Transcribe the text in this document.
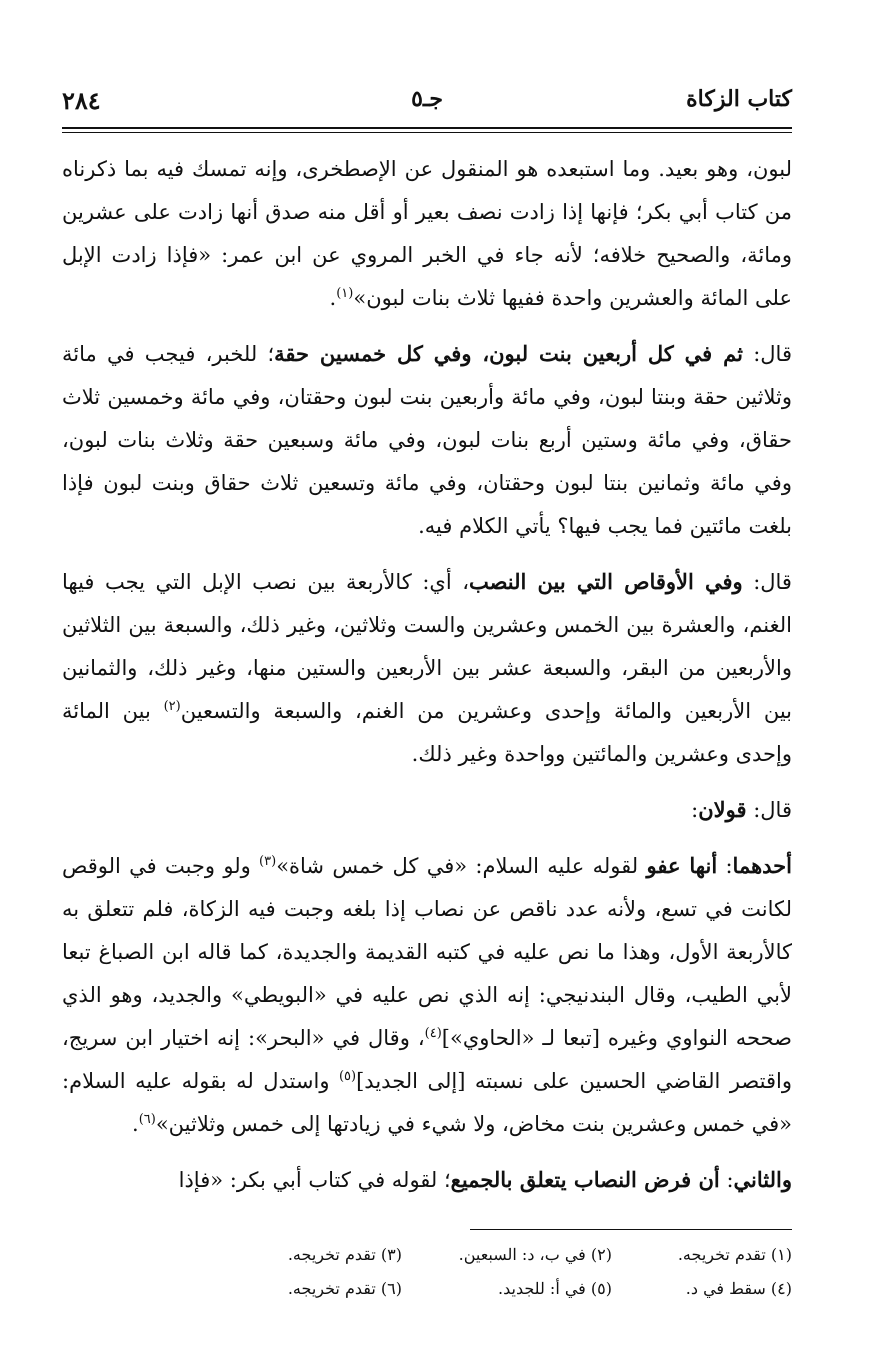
كتاب الزكاة
جـ٥
٢٨٤

لبون، وهو بعيد. وما استبعده هو المنقول عن الإصطخرى، وإنه تمسك فيه بما ذكرناه من كتاب أبي بكر؛ فإنها إذا زادت نصف بعير أو أقل منه صدق أنها زادت على عشرين ومائة، والصحيح خلافه؛ لأنه جاء في الخبر المروي عن ابن عمر: «فإذا زادت الإبل على المائة والعشرين واحدة ففيها ثلاث بنات لبون»$^{(١)}$.

قال: ثم في كل أربعين بنت لبون، وفي كل خمسين حقة؛ للخبر، فيجب في مائة وثلاثين حقة وبنتا لبون، وفي مائة وأربعين بنت لبون وحقتان، وفي مائة وخمسين ثلاث حقاق، وفي مائة وستين أربع بنات لبون، وفي مائة وسبعين حقة وثلاث بنات لبون، وفي مائة وثمانين بنتا لبون وحقتان، وفي مائة وتسعين ثلاث حقاق وبنت لبون فإذا بلغت مائتين فما يجب فيها؟ يأتي الكلام فيه.

قال: وفي الأوقاص التي بين النصب، أي: كالأربعة بين نصب الإبل التي يجب فيها الغنم، والعشرة بين الخمس وعشرين والست وثلاثين، وغير ذلك، والسبعة بين الثلاثين والأربعين من البقر، والسبعة عشر بين الأربعين والستين منها، وغير ذلك، والثمانين بين الأربعين والمائة وإحدى وعشرين من الغنم، والسبعة والتسعين$^{(٢)}$ بين المائة وإحدى وعشرين والمائتين وواحدة وغير ذلك.

قال: قولان:

أحدهما: أنها عفو لقوله عليه السلام: «في كل خمس شاة»$^{(٣)}$ ولو وجبت في الوقص لكانت في تسع، ولأنه عدد ناقص عن نصاب إذا بلغه وجبت فيه الزكاة، فلم تتعلق به كالأربعة الأول، وهذا ما نص عليه في كتبه القديمة والجديدة، كما قاله ابن الصباغ تبعا لأبي الطيب، وقال البندنيجي: إنه الذي نص عليه في «البويطي» والجديد، وهو الذي صححه النواوي وغيره [تبعا لـ «الحاوي»]$^{(٤)}$، وقال في «البحر»: إنه اختيار ابن سريج، واقتصر القاضي الحسين على نسبته [إلى الجديد]$^{(٥)}$ واستدل له بقوله عليه السلام: «في خمس وعشرين بنت مخاض، ولا شيء في زيادتها إلى خمس وثلاثين»$^{(٦)}$.

والثاني: أن فرض النصاب يتعلق بالجميع؛ لقوله في كتاب أبي بكر: «فإذا

(١) تقدم تخريجه.
(٢) في ب، د: السبعين.
(٣) تقدم تخريجه.
(٤) سقط في د.
(٥) في أ: للجديد.
(٦) تقدم تخريجه.
